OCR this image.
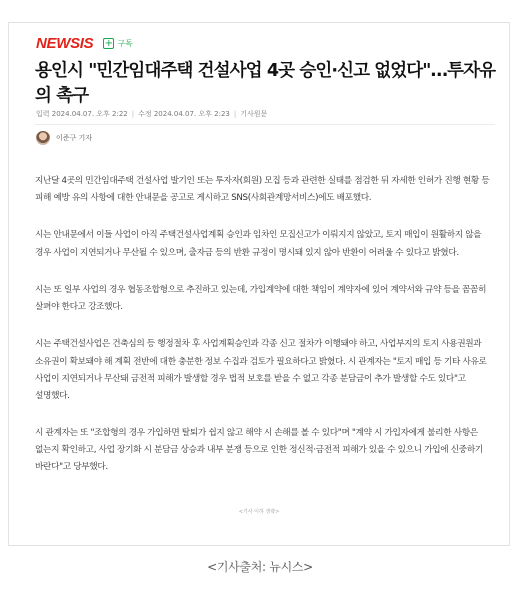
NEWSIS + 구독
용인시 "민간임대주택 건설사업 4곳 승인·신고 없었다"…투자유의 촉구
입력 2024.04.07. 오후 2:22 | 수정 2024.04.07. 오후 2:23 | 기사원문
이준구 기자

지난달 4곳의 민간임대주택 건설사업 발기인 또는 투자자(회원) 모집 등과 관련한 실태를 점검한 뒤 자세한 인허가 진행 현황 등 피해 예방 유의 사항에 대한 안내문을 공고로 게시하고 SNS(사회관계망서비스)에도 배포했다.

시는 안내문에서 이들 사업이 아직 주택건설사업계획 승인과 임차인 모집신고가 이뤄지지 않았고, 토지 매입이 원활하지 않을 경우 사업이 지연되거나 무산될 수 있으며, 출자금 등의 반환 규정이 명시돼 있지 않아 반환이 어려울 수 있다고 밝혔다.

시는 또 일부 사업의 경우 협동조합형으로 추진하고 있는데, 가입계약에 대한 책임이 계약자에 있어 계약서와 규약 등을 꼼꼼히 살펴야 한다고 강조했다.

시는 주택건설사업은 건축심의 등 행정절차 후 사업계획승인과 각종 신고 절차가 이행돼야 하고, 사업부지의 토지 사용권원과 소유권이 확보돼야 해 계획 전반에 대한 충분한 정보 수집과 검토가 필요하다고 밝혔다. 시 관계자는 "토지 매입 등 기타 사유로 사업이 지연되거나 무산돼 금전적 피해가 발생할 경우 법적 보호를 받을 수 없고 각종 분담금이 추가 발생할 수도 있다"고 설명했다.

시 관계자는 또 "조합형의 경우 가입하면 탈퇴가 쉽지 않고 해약 시 손해를 볼 수 있다"며 "계약 시 가입자에게 불리한 사항은 없는지 확인하고, 사업 장기화 시 분담금 상승과 내부 분쟁 등으로 인한 정신적·금전적 피해가 있을 수 있으니 가입에 신중하기 바란다"고 당부했다.

<기사 이하 생략>
<기사출처: 뉴시스>
